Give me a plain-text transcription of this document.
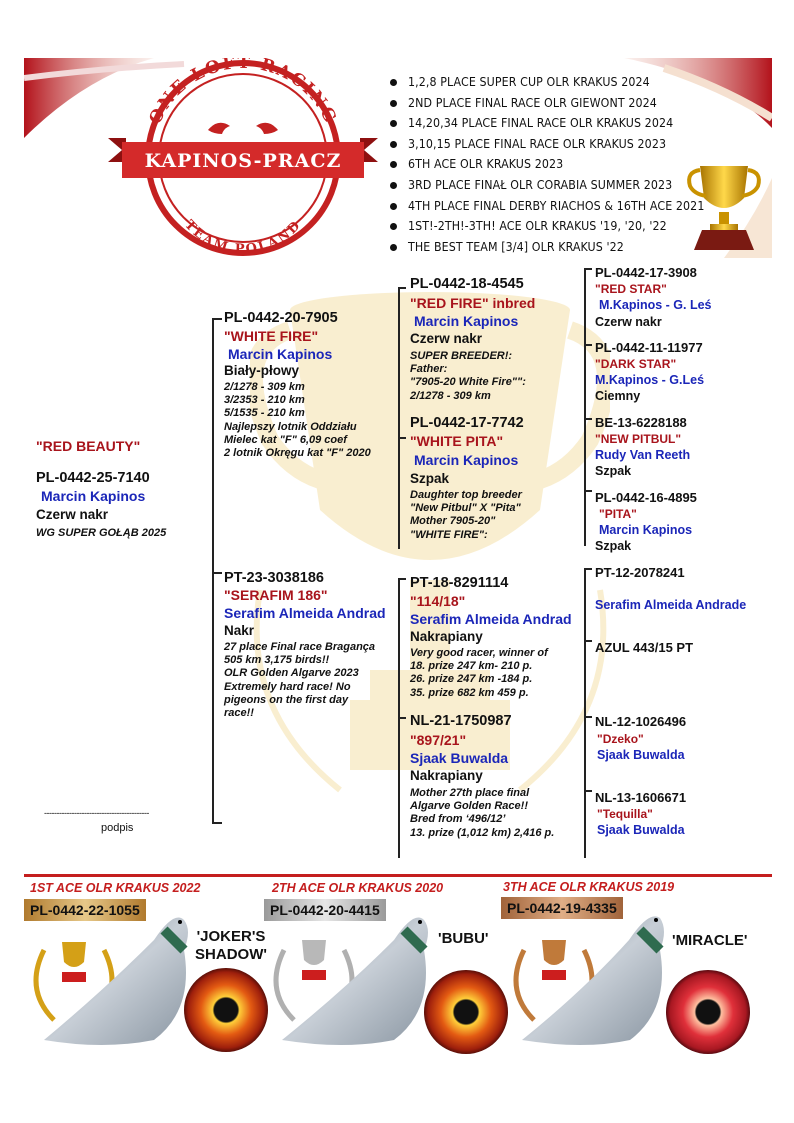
ONE LOFT RACING
TEAM POLAND
KAPINOS-PRACZ
1,2,8 PLACE SUPER CUP OLR KRAKUS 2024
2ND PLACE FINAL RACE OLR GIEWONT 2024
14,20,34 PLACE FINAL RACE OLR KRAKUS 2024
3,10,15 PLACE FINAL RACE OLR KRAKUS 2023
6TH ACE OLR KRAKUS 2023
3RD PLACE FINAŁ OLR CORABIA SUMMER 2023
4TH PLACE FINAL DERBY RIACHOS & 16TH ACE 2021
1ST!-2TH!-3TH! ACE OLR KRAKUS '19, '20, '22
THE BEST TEAM [3/4] OLR KRAKUS '22
"RED BEAUTY"
PL-0442-25-7140
Marcin Kapinos
Czerw nakr
WG SUPER GOŁĄB 2025
PL-0442-20-7905
"WHITE FIRE"
Marcin Kapinos
Biały-płowy
2/1278 - 309 km
3/2353 - 210 km
5/1535 - 210 km
Najlepszy lotnik Oddziału
Mielec kat "F" 6,09 coef
2 lotnik Okręgu kat "F" 2020
PT-23-3038186
"SERAFIM 186"
Serafim Almeida Andrad
Nakr
27 place Final race Bragança
505 km 3,175 birds!!
OLR Golden Algarve 2023
Extremely hard race! No
pigeons on the first day
race!!
PL-0442-18-4545
"RED FIRE" inbred
Marcin Kapinos
Czerw nakr
SUPER BREEDER!:
Father:
"7905-20 White Fire"":
2/1278 - 309 km
PL-0442-17-7742
"WHITE PITA"
Marcin Kapinos
Szpak
Daughter top breeder
"New Pitbul" X "Pita"
Mother 7905-20"
"WHITE FIRE":
PT-18-8291114
"114/18"
Serafim Almeida Andrad
Nakrapiany
Very good racer, winner of
18. prize 247 km- 210 p.
26. prize 247 km -184 p.
35. prize 682 km 459 p.
NL-21-1750987
"897/21"
Sjaak Buwalda
Nakrapiany
Mother 27th place final
Algarve Golden Race!!
Bred from ‘496/12’
13. prize (1,012 km) 2,416 p.
PL-0442-17-3908
"RED STAR"
M.Kapinos - G. Leś
Czerw nakr
PL-0442-11-11977
"DARK STAR"
M.Kapinos - G.Leś
Ciemny
BE-13-6228188
"NEW PITBUL"
Rudy Van Reeth
Szpak
PL-0442-16-4895
"PITA"
Marcin Kapinos
Szpak
PT-12-2078241
Serafim Almeida Andrade
AZUL 443/15 PT
NL-12-1026496
"Dzeko"
Sjaak Buwalda
NL-13-1606671
"Tequilla"
Sjaak Buwalda
------------------------------------------
podpis
1ST ACE OLR KRAKUS 2022	2TH ACE OLR KRAKUS 2020	3TH ACE OLR KRAKUS 2019
PL-0442-22-1055	PL-0442-20-4415	PL-0442-19-4335
'JOKER'S SHADOW'
'BUBU'	'MIRACLE'
